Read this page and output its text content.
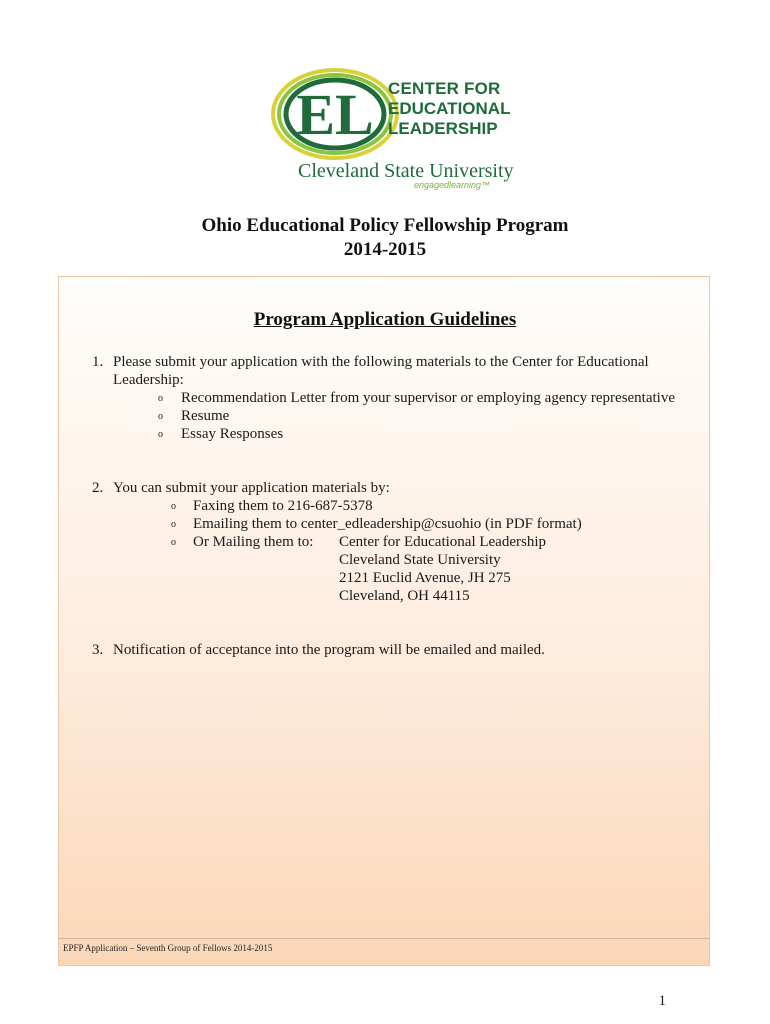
EL CENTER FOR
EDUCATIONAL
LEADERSHIP
Cleveland State University
engagedlearning™
Ohio Educational Policy Fellowship Program
2014-2015
Program Application Guidelines
1. Please submit your application with the following materials to the Center for Educational
Leadership:
o Recommendation Letter from your supervisor or employing agency representative
o Resume
o Essay Responses
2. You can submit your application materials by:
o Faxing them to 216-687-5378
o Emailing them to center_edleadership@csuohio (in PDF format)
o Or Mailing them to: Center for Educational Leadership
Cleveland State University
2121 Euclid Avenue, JH 275
Cleveland, OH 44115
3. Notification of acceptance into the program will be emailed and mailed.
EPFP Application – Seventh Group of Fellows 2014-2015
1
